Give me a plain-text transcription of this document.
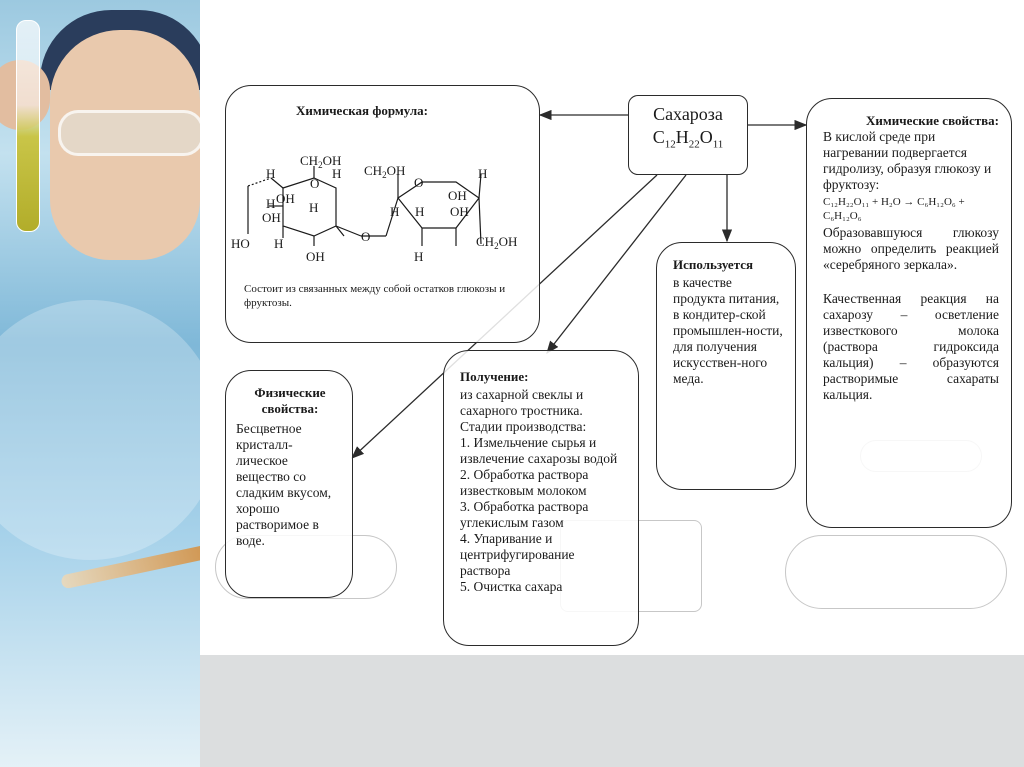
Сахароза
$C_{12}H_{22}O_{11}$
Химическая формула:
$CH_2OH$
H
O
H OH
H
H
OH
HO H
OH
O
$CH_2OH$
O
H
H H
OH
OH
H
$CH_2OH$
Состоит из связанных между собой остатков глюкозы и фруктозы.
Химические свойства:
В кислой среде при нагревании подвергается гидролизу, образуя глюкозу и фруктозу:
C₁₂H₂₂O₁₁ + H₂O → C₆H₁₂O₆ + C₆H₁₂O₆
Образовавшуюся глюкозу можно определить реакцией «серебряного зеркала».
Качественная реакция на сахарозу – осветление известкового молока (раствора гидроксида кальция) – образуются растворимые сахараты кальция.
Используется
в качестве продукта питания, в кондитер-ской промышлен-ности, для получения искусствен-ного меда.
Физические свойства:
Бесцветное кристалл-лическое вещество со сладким вкусом, хорошо растворимое в воде.
Получение:
из сахарной свеклы и сахарного тростника.
Стадии производства:
1. Измельчение сырья и извлечение сахарозы водой
2. Обработка раствора известковым молоком
3. Обработка раствора углекислым газом
4. Упаривание и центрифугирование раствора
5. Очистка сахара
